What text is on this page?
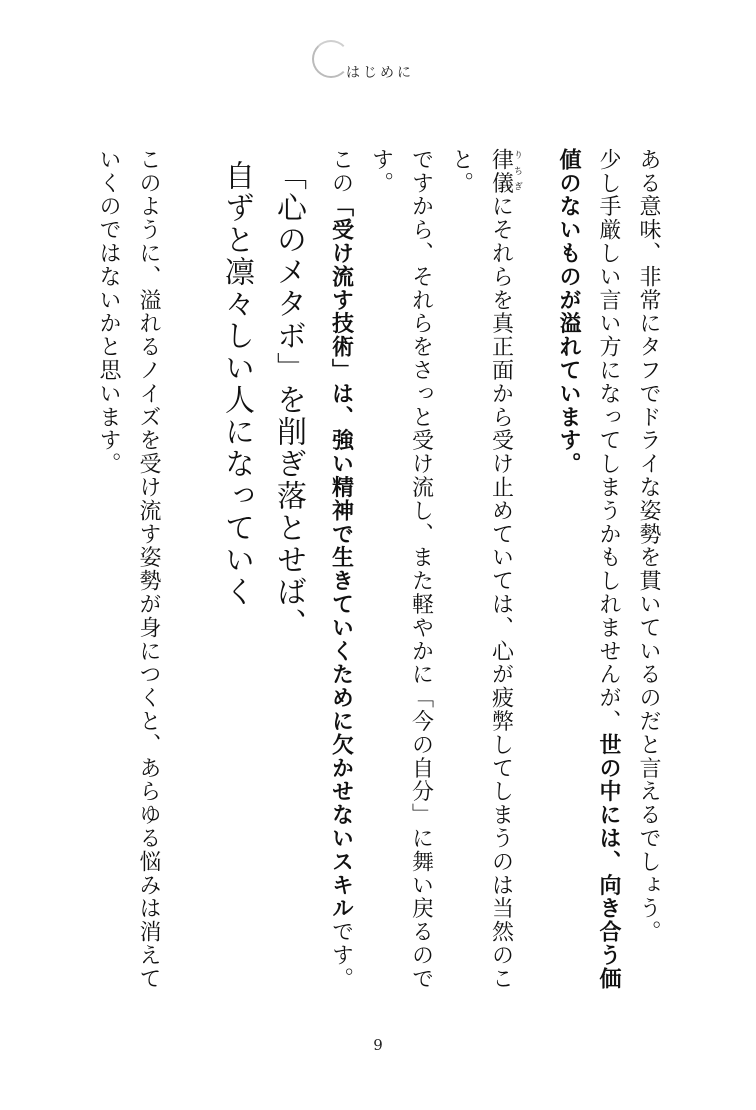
はじめに

ある意味、非常にタフでドライな姿勢を貫いているのだと言えるでしょう。

少し手厳しい言い方になってしまうかもしれませんが、世の中には、向き合う価値のないものが溢れています。

律儀りちぎにそれらを真正面から受け止めていては、心が疲弊してしまうのは当然のこと。

ですから、それらをさっと受け流し、また軽やかに「今の自分」に舞い戻るのです。

この「受け流す技術」は、強い精神で生きていくために欠かせないスキルです。

「心のメタボ」を削ぎ落とせば、

自ずと凛々しい人になっていく

このように、溢れるノイズを受け流す姿勢が身につくと、あらゆる悩みは消えていくのではないかと思います。

9
